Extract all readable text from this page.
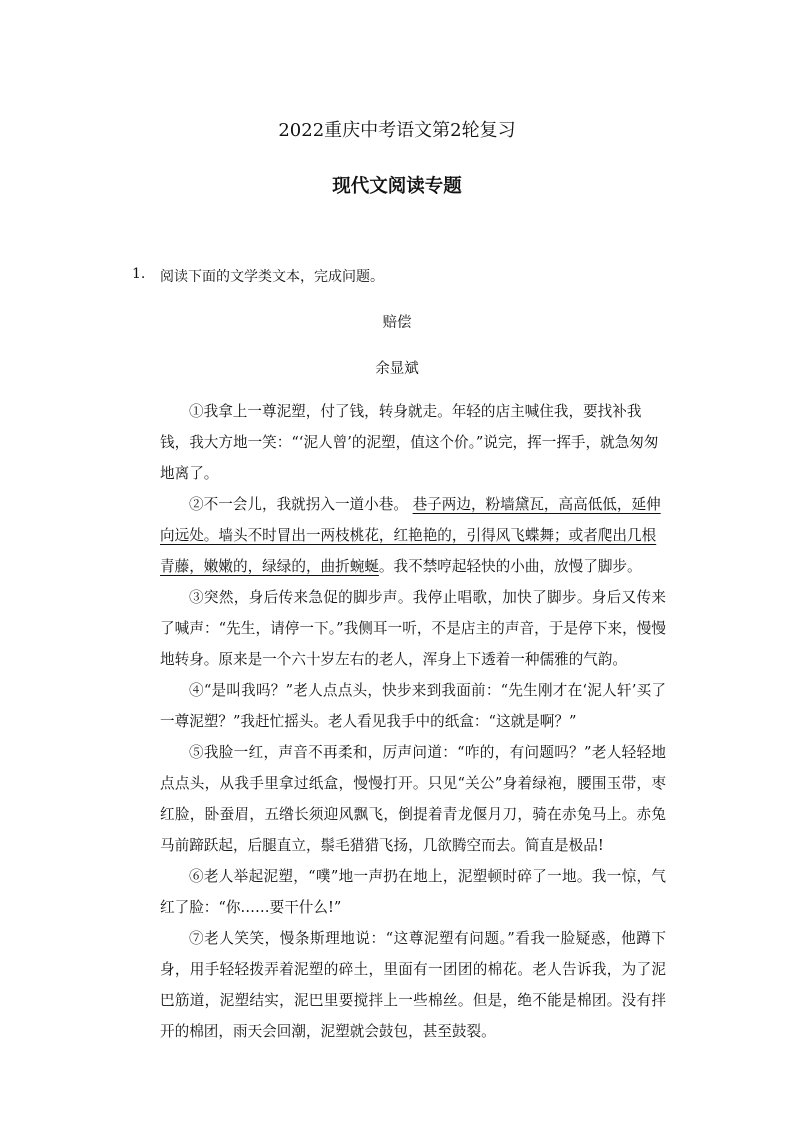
2022重庆中考语文第2轮复习
现代文阅读专题
1. 阅读下面的文学类文本，完成问题。
赔偿
余显斌

①我拿上一尊泥塑，付了钱，转身就走。年轻的店主喊住我，要找补我钱，我大方地一笑：“‘泥人曾’的泥塑，值这个价。”说完，挥一挥手，就急匆匆地离了。

②不一会儿，我就拐入一道小巷。 巷子两边，粉墙黛瓦，高高低低，延伸向远处。墙头不时冒出一两枝桃花，红艳艳的，引得风飞蝶舞；或者爬出几根青藤，嫩嫩的，绿绿的，曲折蜿蜒。我不禁哼起轻快的小曲，放慢了脚步。

③突然，身后传来急促的脚步声。我停止唱歌，加快了脚步。身后又传来了喊声：“先生，请停一下。”我侧耳一听，不是店主的声音，于是停下来，慢慢地转身。原来是一个六十岁左右的老人，浑身上下透着一种儒雅的气韵。

④“是叫我吗？”老人点点头，快步来到我面前：“先生刚才在‘泥人轩’买了一尊泥塑？”我赶忙摇头。老人看见我手中的纸盒：“这就是啊？”

⑤我脸一红，声音不再柔和，厉声问道：“咋的，有问题吗？”老人轻轻地点点头，从我手里拿过纸盒，慢慢打开。只见“关公”身着绿袍，腰围玉带，枣红脸，卧蚕眉，五绺长须迎风飘飞，倒提着青龙偃月刀，骑在赤兔马上。赤兔马前蹄跃起，后腿直立，鬃毛猎猎飞扬，几欲腾空而去。简直是极品!

⑥老人举起泥塑，“噗”地一声扔在地上，泥塑顿时碎了一地。我一惊，气红了脸：“你……要干什么!”

⑦老人笑笑，慢条斯理地说：“这尊泥塑有问题。”看我一脸疑惑，他蹲下身，用手轻轻拨弄着泥塑的碎土，里面有一团团的棉花。老人告诉我，为了泥巴筋道，泥塑结实，泥巴里要搅拌上一些棉丝。但是，绝不能是棉团。没有拌开的棉团，雨天会回潮，泥塑就会鼓包，甚至鼓裂。
